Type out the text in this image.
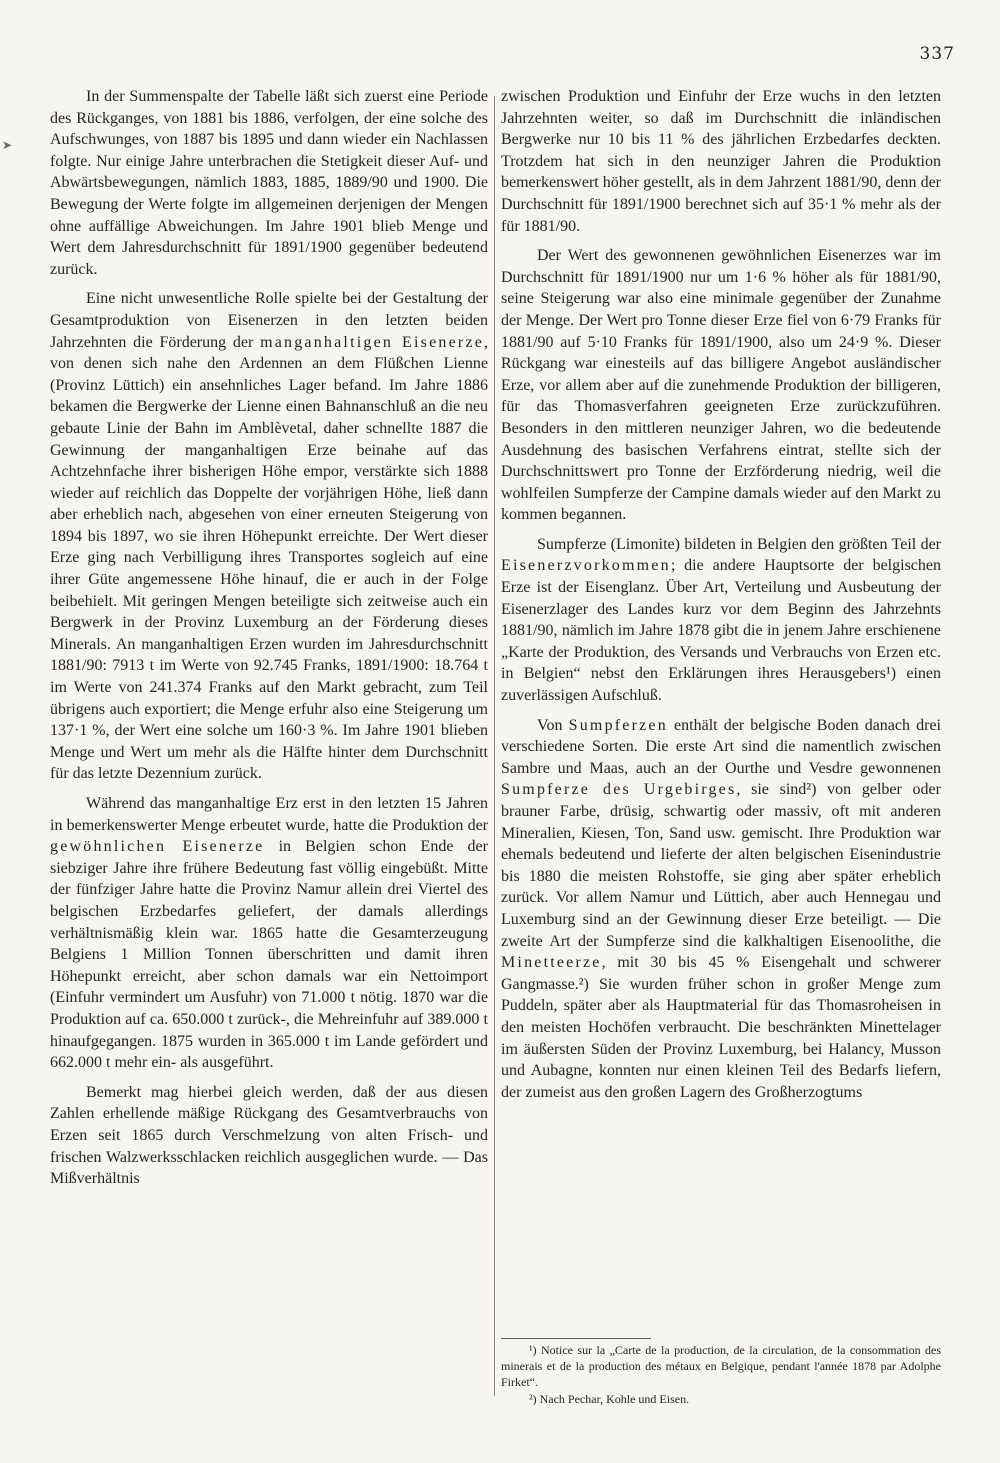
➤
337

In der Summenspalte der Tabelle läßt sich zuerst eine Periode des Rückganges, von 1881 bis 1886, verfolgen, der eine solche des Aufschwunges, von 1887 bis 1895 und dann wieder ein Nachlassen folgte. Nur einige Jahre unterbrachen die Stetigkeit dieser Auf- und Abwärtsbewegungen, nämlich 1883, 1885, 1889/90 und 1900. Die Bewegung der Werte folgte im allgemeinen derjenigen der Mengen ohne auffällige Abweichungen. Im Jahre 1901 blieb Menge und Wert dem Jahresdurchschnitt für 1891/1900 gegenüber bedeutend zurück.

Eine nicht unwesentliche Rolle spielte bei der Gestaltung der Gesamtproduktion von Eisenerzen in den letzten beiden Jahrzehnten die Förderung der manganhaltigen Eisenerze, von denen sich nahe den Ardennen an dem Flüßchen Lienne (Provinz Lüttich) ein ansehnliches Lager befand. Im Jahre 1886 bekamen die Bergwerke der Lienne einen Bahnanschluß an die neu gebaute Linie der Bahn im Amblèvetal, daher schnellte 1887 die Gewinnung der manganhaltigen Erze beinahe auf das Achtzehnfache ihrer bisherigen Höhe empor, verstärkte sich 1888 wieder auf reichlich das Doppelte der vorjährigen Höhe, ließ dann aber erheblich nach, abgesehen von einer erneuten Steigerung von 1894 bis 1897, wo sie ihren Höhepunkt erreichte. Der Wert dieser Erze ging nach Verbilligung ihres Transportes sogleich auf eine ihrer Güte angemessene Höhe hinauf, die er auch in der Folge beibehielt. Mit geringen Mengen beteiligte sich zeitweise auch ein Bergwerk in der Provinz Luxemburg an der Förderung dieses Minerals. An manganhaltigen Erzen wurden im Jahresdurchschnitt 1881/90: 7913 t im Werte von 92.745 Franks, 1891/1900: 18.764 t im Werte von 241.374 Franks auf den Markt gebracht, zum Teil übrigens auch exportiert; die Menge erfuhr also eine Steigerung um 137·1 %, der Wert eine solche um 160·3 %. Im Jahre 1901 blieben Menge und Wert um mehr als die Hälfte hinter dem Durchschnitt für das letzte Dezennium zurück.

Während das manganhaltige Erz erst in den letzten 15 Jahren in bemerkenswerter Menge erbeutet wurde, hatte die Produktion der gewöhnlichen Eisenerze in Belgien schon Ende der siebziger Jahre ihre frühere Bedeutung fast völlig eingebüßt. Mitte der fünfziger Jahre hatte die Provinz Namur allein drei Viertel des belgischen Erzbedarfes geliefert, der damals allerdings verhältnismäßig klein war. 1865 hatte die Gesamterzeugung Belgiens 1 Million Tonnen überschritten und damit ihren Höhepunkt erreicht, aber schon damals war ein Nettoimport (Einfuhr vermindert um Ausfuhr) von 71.000 t nötig. 1870 war die Produktion auf ca. 650.000 t zurück-, die Mehreinfuhr auf 389.000 t hinaufgegangen. 1875 wurden in 365.000 t im Lande gefördert und 662.000 t mehr ein- als ausgeführt.

Bemerkt mag hierbei gleich werden, daß der aus diesen Zahlen erhellende mäßige Rückgang des Gesamtverbrauchs von Erzen seit 1865 durch Verschmelzung von alten Frisch- und frischen Walzwerksschlacken reichlich ausgeglichen wurde. — Das Mißverhältnis

zwischen Produktion und Einfuhr der Erze wuchs in den letzten Jahrzehnten weiter, so daß im Durchschnitt die inländischen Bergwerke nur 10 bis 11 % des jährlichen Erzbedarfes deckten. Trotzdem hat sich in den neunziger Jahren die Produktion bemerkenswert höher gestellt, als in dem Jahrzent 1881/90, denn der Durchschnitt für 1891/1900 berechnet sich auf 35·1 % mehr als der für 1881/90.

Der Wert des gewonnenen gewöhnlichen Eisenerzes war im Durchschnitt für 1891/1900 nur um 1·6 % höher als für 1881/90, seine Steigerung war also eine minimale gegenüber der Zunahme der Menge. Der Wert pro Tonne dieser Erze fiel von 6·79 Franks für 1881/90 auf 5·10 Franks für 1891/1900, also um 24·9 %. Dieser Rückgang war einesteils auf das billigere Angebot ausländischer Erze, vor allem aber auf die zunehmende Produktion der billigeren, für das Thomasverfahren geeigneten Erze zurückzuführen. Besonders in den mittleren neunziger Jahren, wo die bedeutende Ausdehnung des basischen Verfahrens eintrat, stellte sich der Durchschnittswert pro Tonne der Erzförderung niedrig, weil die wohlfeilen Sumpferze der Campine damals wieder auf den Markt zu kommen begannen.

Sumpferze (Limonite) bildeten in Belgien den größten Teil der Eisenerzvorkommen; die andere Hauptsorte der belgischen Erze ist der Eisenglanz. Über Art, Verteilung und Ausbeutung der Eisenerzlager des Landes kurz vor dem Beginn des Jahrzehnts 1881/90, nämlich im Jahre 1878 gibt die in jenem Jahre erschienene „Karte der Produktion, des Versands und Verbrauchs von Erzen etc. in Belgien“ nebst den Erklärungen ihres Herausgebers¹) einen zuverlässigen Aufschluß.

Von Sumpferzen enthält der belgische Boden danach drei verschiedene Sorten. Die erste Art sind die namentlich zwischen Sambre und Maas, auch an der Ourthe und Vesdre gewonnenen Sumpferze des Urgebirges, sie sind²) von gelber oder brauner Farbe, drüsig, schwartig oder massiv, oft mit anderen Mineralien, Kiesen, Ton, Sand usw. gemischt. Ihre Produktion war ehemals bedeutend und lieferte der alten belgischen Eisenindustrie bis 1880 die meisten Rohstoffe, sie ging aber später erheblich zurück. Vor allem Namur und Lüttich, aber auch Hennegau und Luxemburg sind an der Gewinnung dieser Erze beteiligt. — Die zweite Art der Sumpferze sind die kalkhaltigen Eisenoolithe, die Minetteerze, mit 30 bis 45 % Eisengehalt und schwerer Gangmasse.²) Sie wurden früher schon in großer Menge zum Puddeln, später aber als Hauptmaterial für das Thomasroheisen in den meisten Hochöfen verbraucht. Die beschränkten Minettelager im äußersten Süden der Provinz Luxemburg, bei Halancy, Musson und Aubagne, konnten nur einen kleinen Teil des Bedarfs liefern, der zumeist aus den großen Lagern des Großherzogtums

¹) Notice sur la „Carte de la production, de la circulation, de la consommation des minerais et de la production des métaux en Belgique, pendant l'année 1878 par Adolphe Firket“.

²) Nach Pechar, Kohle und Eisen.
